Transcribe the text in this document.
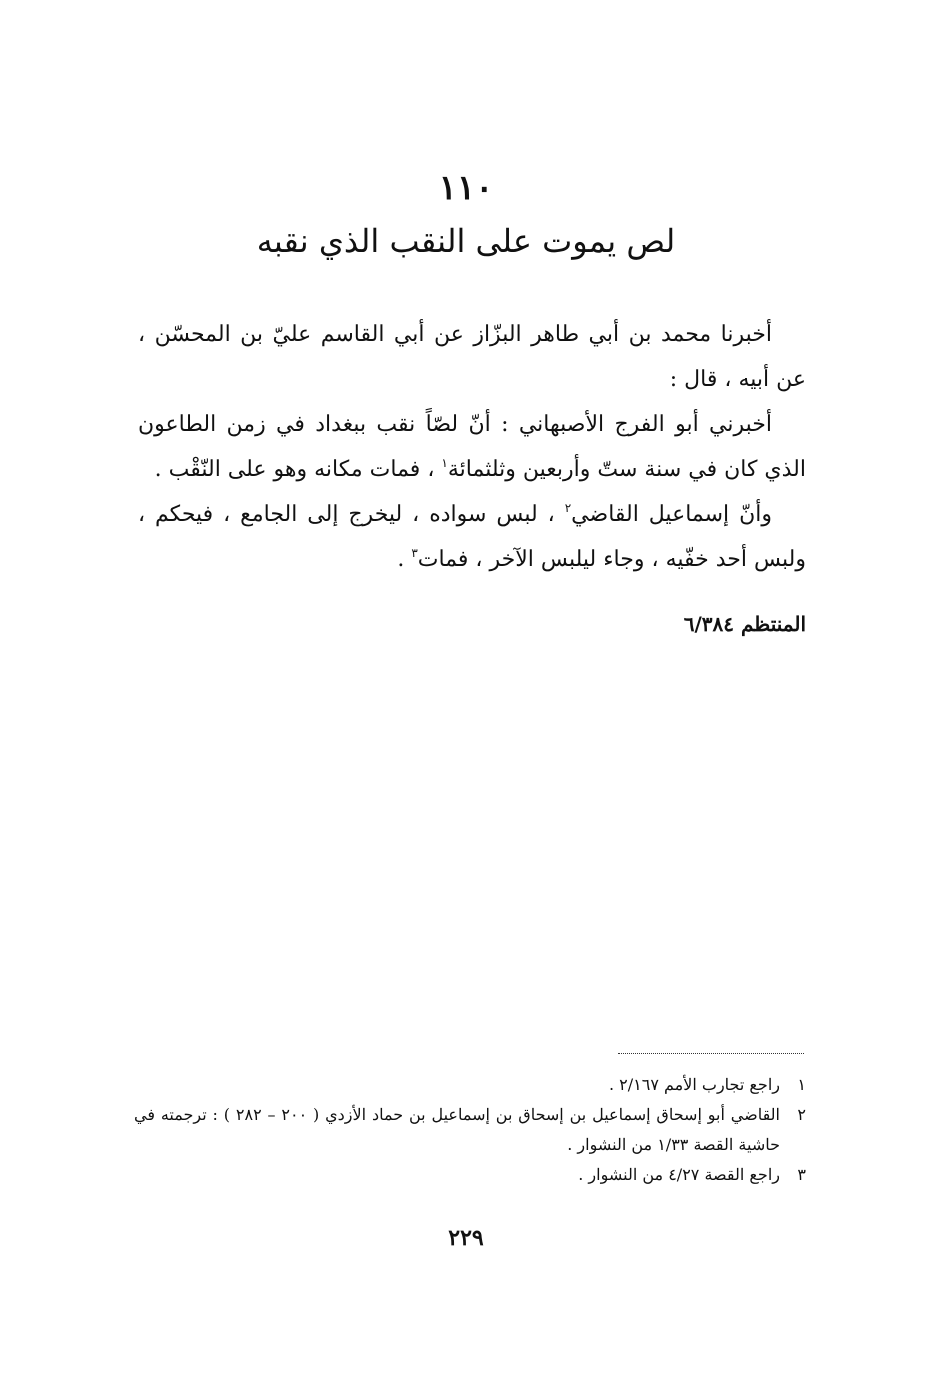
١١٠
لص يموت على النقب الذي نقبه

أخبرنا محمد بن أبي طاهر البزّاز عن أبي القاسم عليّ بن المحسّن ، عن أبيه ، قال :

أخبرني أبو الفرج الأصبهاني : أنّ لصّاً نقب ببغداد في زمن الطاعون الذي كان في سنة ستّ وأربعين وثلثمائة$^١$ ، فمات مكانه وهو على النّقْب .

وأنّ إسماعيل القاضي$^٢$ ، لبس سواده ، ليخرج إلى الجامع ، فيحكم ، ولبس أحد خفّيه ، وجاء ليلبس الآخر ، فمات$^٣$ .

المنتظم ٦/٣٨٤
١
راجع تجارب الأمم ٢/١٦٧ .
٢
القاضي أبو إسحاق إسماعيل بن إسحاق بن إسماعيل بن حماد الأزدي ( ٢٠٠ – ٢٨٢ ) : ترجمته في حاشية القصة ١/٣٣ من النشوار .
٣
راجع القصة ٤/٢٧ من النشوار .
٢٢٩
